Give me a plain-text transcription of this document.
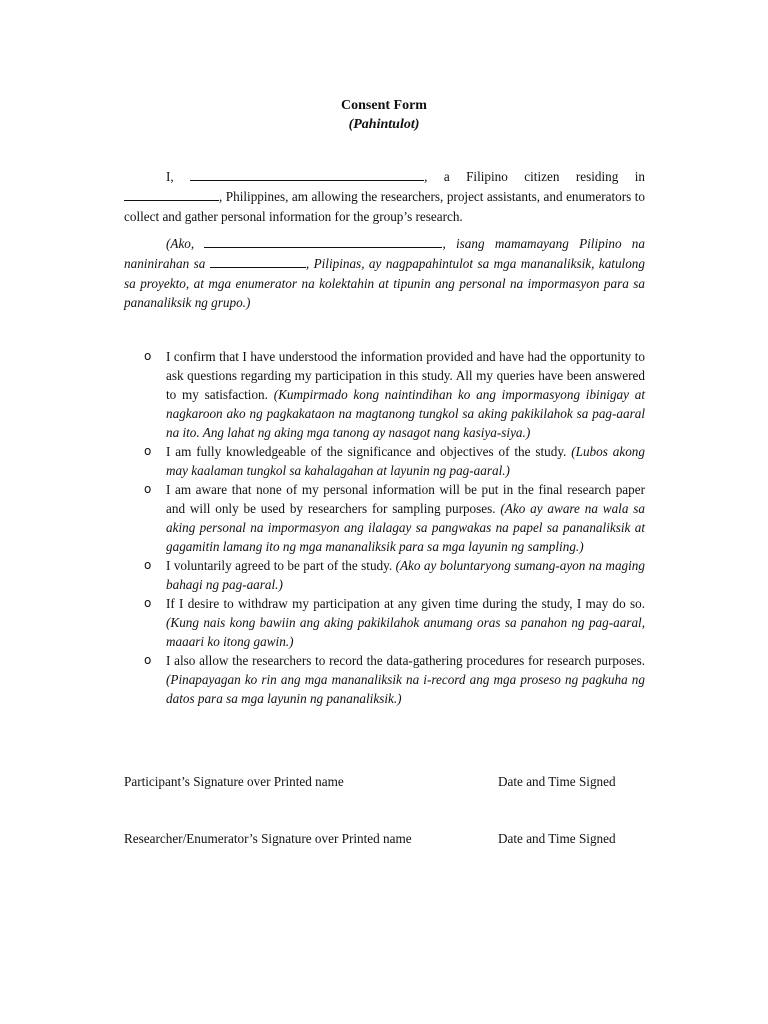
Consent Form
(Pahintulot)

I,	, a Filipino citizen residing in , Philippines, am allowing the researchers, project assistants, and enumerators to collect and gather personal information for the group’s research.

(Ako,	, isang mamamayang Pilipino na naninirahan sa	, Pilipinas, ay nagpapahintulot sa mga mananaliksik, katulong sa proyekto, at mga enumerator na kolektahin at tipunin ang personal na impormasyon para sa pananaliksik ng grupo.)

o I confirm that I have understood the information provided and have had the opportunity to ask questions regarding my participation in this study. All my queries have been answered to my satisfaction. (Kumpirmado kong naintindihan ko ang impormasyong ibinigay at nagkaroon ako ng pagkakataon na magtanong tungkol sa aking pakikilahok sa pag-aaral na ito. Ang lahat ng aking mga tanong ay nasagot nang kasiya-siya.)
o I am fully knowledgeable of the significance and objectives of the study. (Lubos akong may kaalaman tungkol sa kahalagahan at layunin ng pag-aaral.)
o I am aware that none of my personal information will be put in the final research paper and will only be used by researchers for sampling purposes. (Ako ay aware na wala sa aking personal na impormasyon ang ilalagay sa pangwakas na papel sa pananaliksik at gagamitin lamang ito ng mga mananaliksik para sa mga layunin ng sampling.)
o I voluntarily agreed to be part of the study. (Ako ay boluntaryong sumang-ayon na maging bahagi ng pag-aaral.)
o If I desire to withdraw my participation at any given time during the study, I may do so. (Kung nais kong bawiin ang aking pakikilahok anumang oras sa panahon ng pag-aaral, maaari ko itong gawin.)
o I also allow the researchers to record the data-gathering procedures for research purposes. (Pinapayagan ko rin ang mga mananaliksik na i-record ang mga proseso ng pagkuha ng datos para sa mga layunin ng pananaliksik.)
Participant’s Signature over Printed name	Date and Time Signed
Researcher/Enumerator’s Signature over Printed name	Date and Time Signed
